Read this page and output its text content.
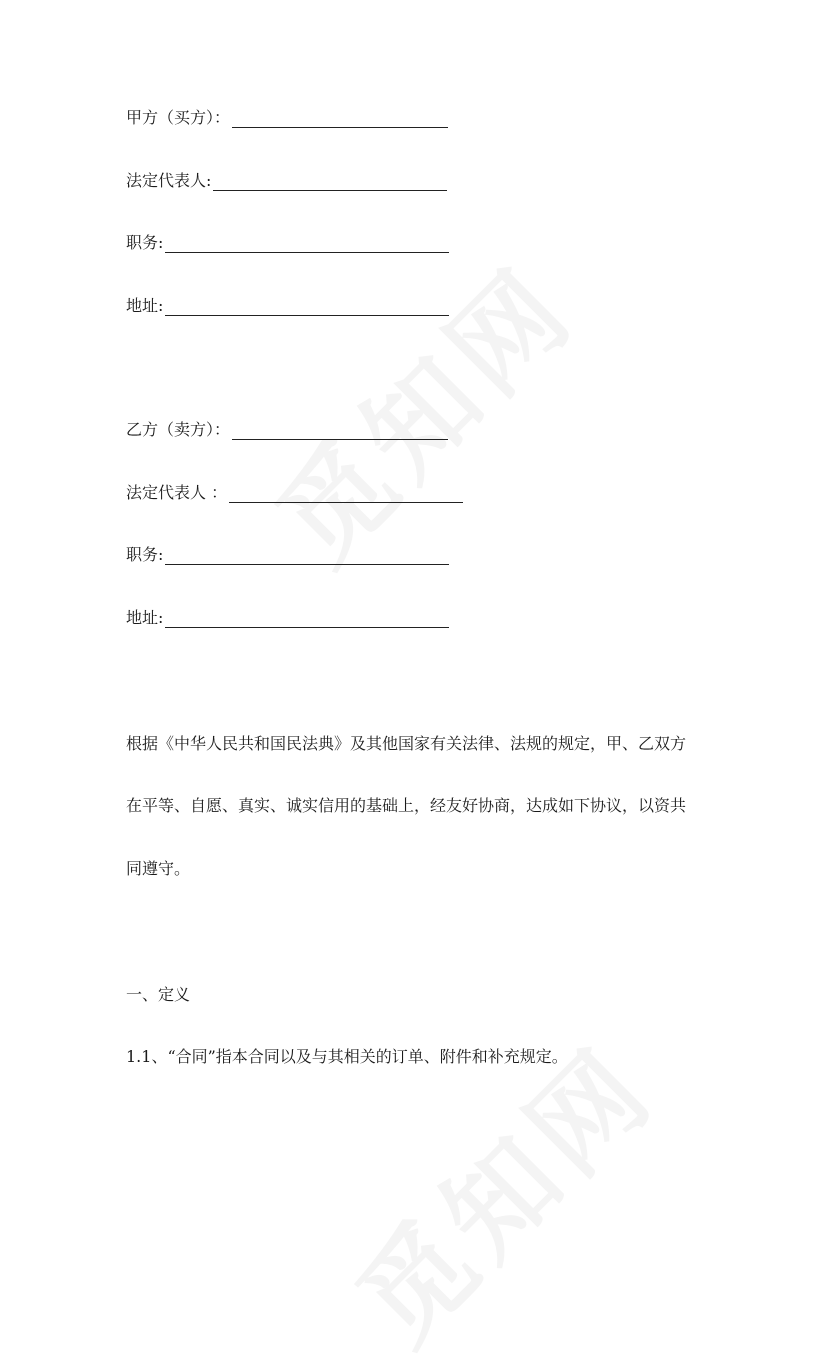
甲方（买方）：
法定代表人:
职务:
地址:
乙方（卖方）：
法定代表人 ：
职务:
地址:
根据《中华人民共和国民法典》及其他国家有关法律、法规的规定，甲、乙双方
在平等、自愿、真实、诚实信用的基础上，经友好协商，达成如下协议，以资共
同遵守。
一、定义
1.1、“合同”指本合同以及与其相关的订单、附件和补充规定。
